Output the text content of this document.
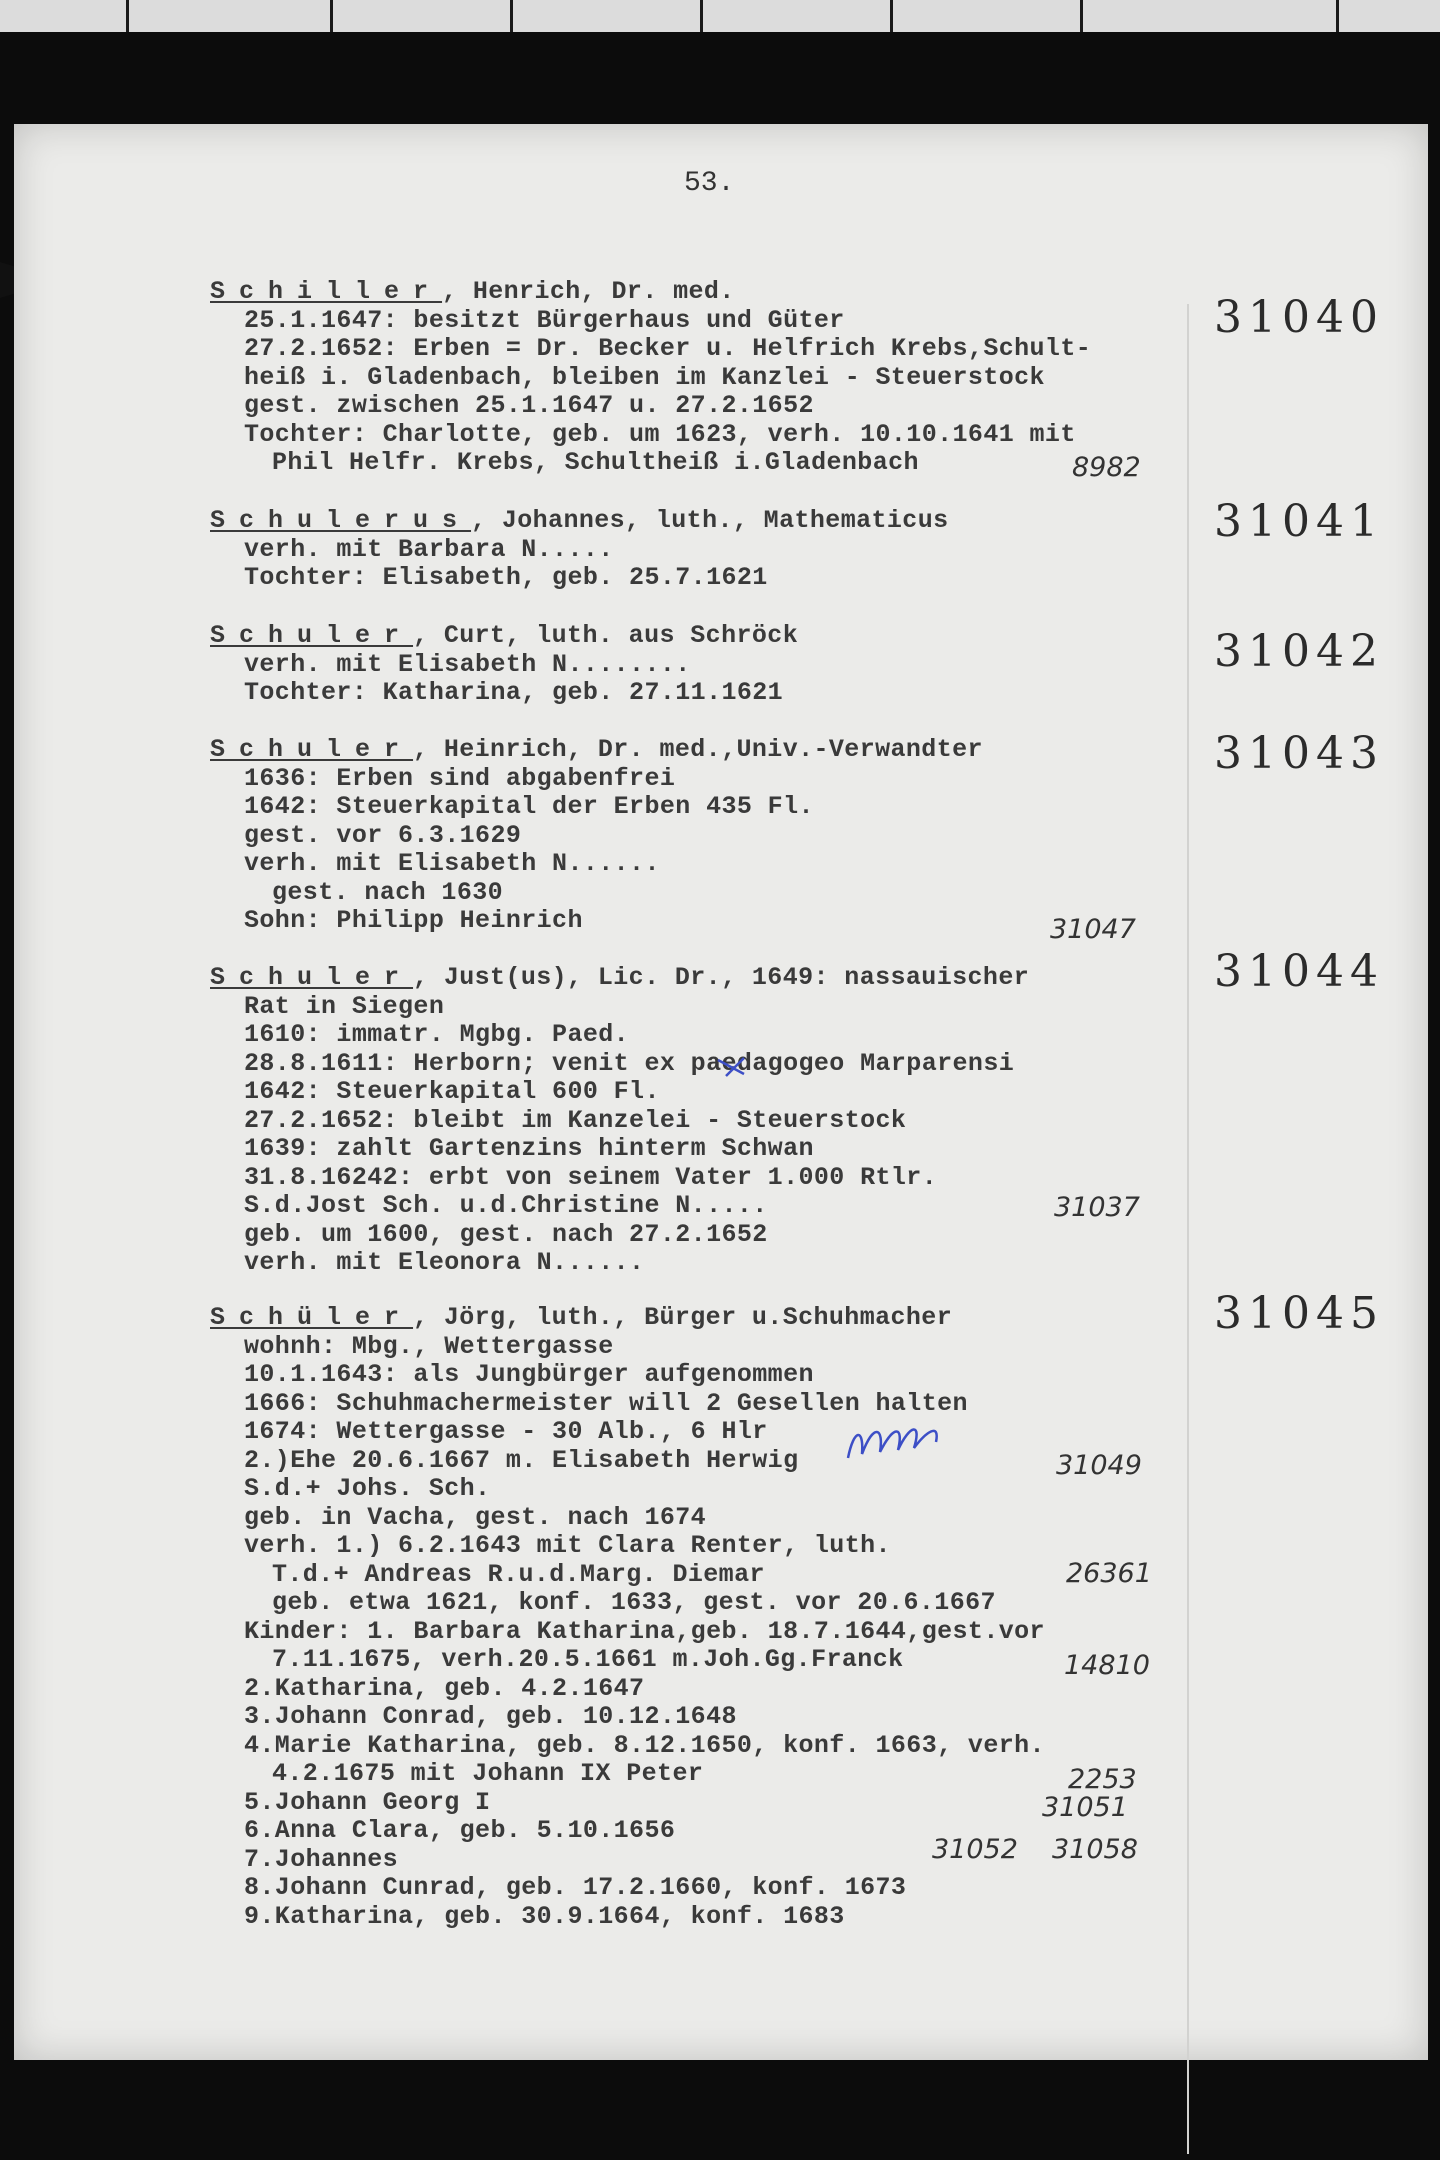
53.
Schiller, Henrich, Dr. med.
25.1.1647: besitzt Bürgerhaus und Güter
27.2.1652: Erben = Dr. Becker u. Helfrich Krebs,Schult-
heiß i. Gladenbach, bleiben im Kanzlei - Steuerstock
gest. zwischen 25.1.1647 u. 27.2.1652
Tochter: Charlotte, geb. um 1623, verh. 10.10.1641 mit
Phil Helfr. Krebs, Schultheiß i.Gladenbach
Schulerus, Johannes, luth., Mathematicus
verh. mit Barbara N.....
Tochter: Elisabeth, geb. 25.7.1621
Schuler, Curt, luth. aus Schröck
verh. mit Elisabeth N........
Tochter: Katharina, geb. 27.11.1621
Schuler, Heinrich, Dr. med.,Univ.-Verwandter
1636: Erben sind abgabenfrei
1642: Steuerkapital der Erben 435 Fl.
gest. vor 6.3.1629
verh. mit Elisabeth N......
gest. nach 1630
Sohn: Philipp Heinrich
Schuler, Just(us), Lic. Dr., 1649: nassauischer
Rat in Siegen
1610: immatr. Mgbg. Paed.
28.8.1611: Herborn; venit ex paedagogeo Marparensi
1642: Steuerkapital 600 Fl.
27.2.1652: bleibt im Kanzelei - Steuerstock
1639: zahlt Gartenzins hinterm Schwan
31.8.16242: erbt von seinem Vater 1.000 Rtlr.
S.d.Jost Sch. u.d.Christine N.....
geb. um 1600, gest. nach 27.2.1652
verh. mit Eleonora N......
Schüler, Jörg, luth., Bürger u.Schuhmacher
wohnh: Mbg., Wettergasse
10.1.1643: als Jungbürger aufgenommen
1666: Schuhmachermeister will 2 Gesellen halten
1674: Wettergasse - 30 Alb., 6 Hlr
2.)Ehe 20.6.1667 m. Elisabeth Herwig
S.d.+ Johs. Sch.
geb. in Vacha, gest. nach 1674
verh. 1.) 6.2.1643 mit Clara Renter, luth.
T.d.+ Andreas R.u.d.Marg. Diemar
geb. etwa 1621, konf. 1633, gest. vor 20.6.1667
Kinder: 1. Barbara Katharina,geb. 18.7.1644,gest.vor
7.11.1675, verh.20.5.1661 m.Joh.Gg.Franck
2.Katharina, geb. 4.2.1647
3.Johann Conrad, geb. 10.12.1648
4.Marie Katharina, geb. 8.12.1650, konf. 1663, verh.
4.2.1675 mit Johann IX Peter
5.Johann Georg I
6.Anna Clara, geb. 5.10.1656
7.Johannes
8.Johann Cunrad, geb. 17.2.1660, konf. 1673
9.Katharina, geb. 30.9.1664, konf. 1683
31040
31041
31042
31043
31044
31045
8982
31047
31037
31049
26361
14810
2253
31051
31052 31058
